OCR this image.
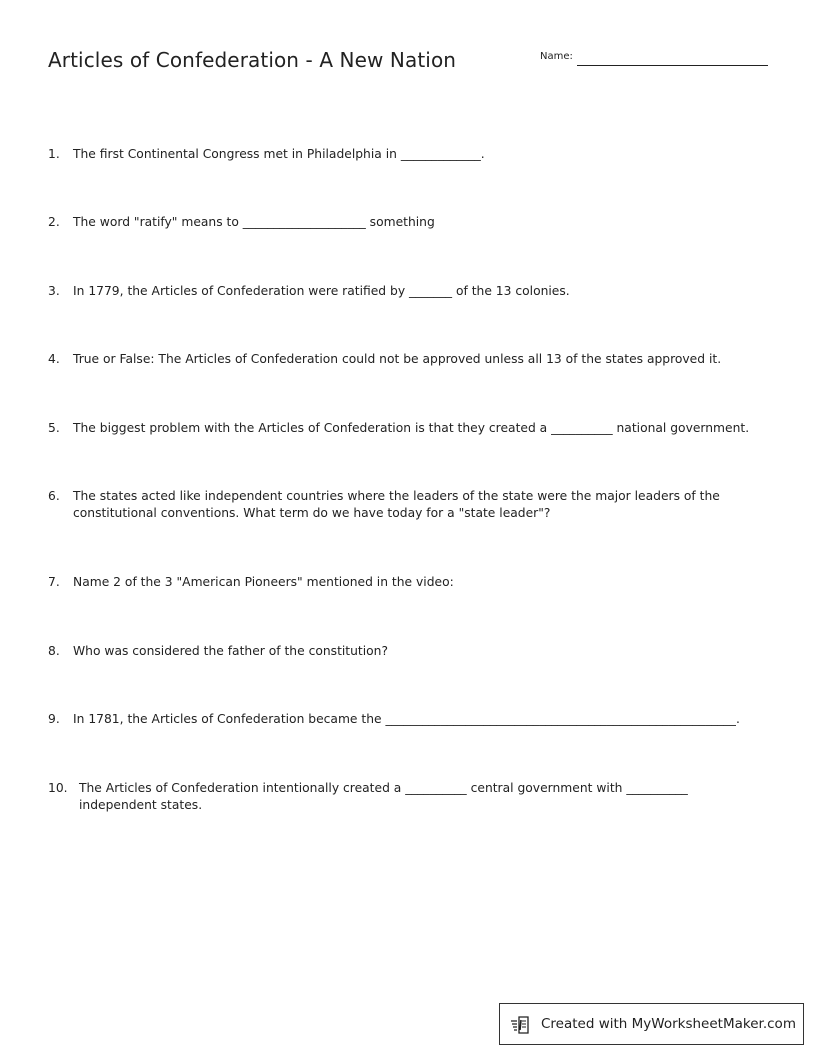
Articles of Confederation - A New Nation	Name:
1. The first Continental Congress met in Philadelphia in _____________.
2. The word "ratify" means to ____________________ something
3. In 1779, the Articles of Confederation were ratified by _______ of the 13 colonies.
4. True or False: The Articles of Confederation could not be approved unless all 13 of the states approved it.
5. The biggest problem with the Articles of Confederation is that they created a __________ national government.
6. The states acted like independent countries where the leaders of the state were the major leaders of the constitutional conventions. What term do we have today for a "state leader"?
7. Name 2 of the 3 "American Pioneers" mentioned in the video:
8. Who was considered the father of the constitution?
9. In 1781, the Articles of Confederation became the _________________________________________________________.
10. The Articles of Confederation intentionally created a __________ central government with __________ independent states.
Created with MyWorksheetMaker.com
